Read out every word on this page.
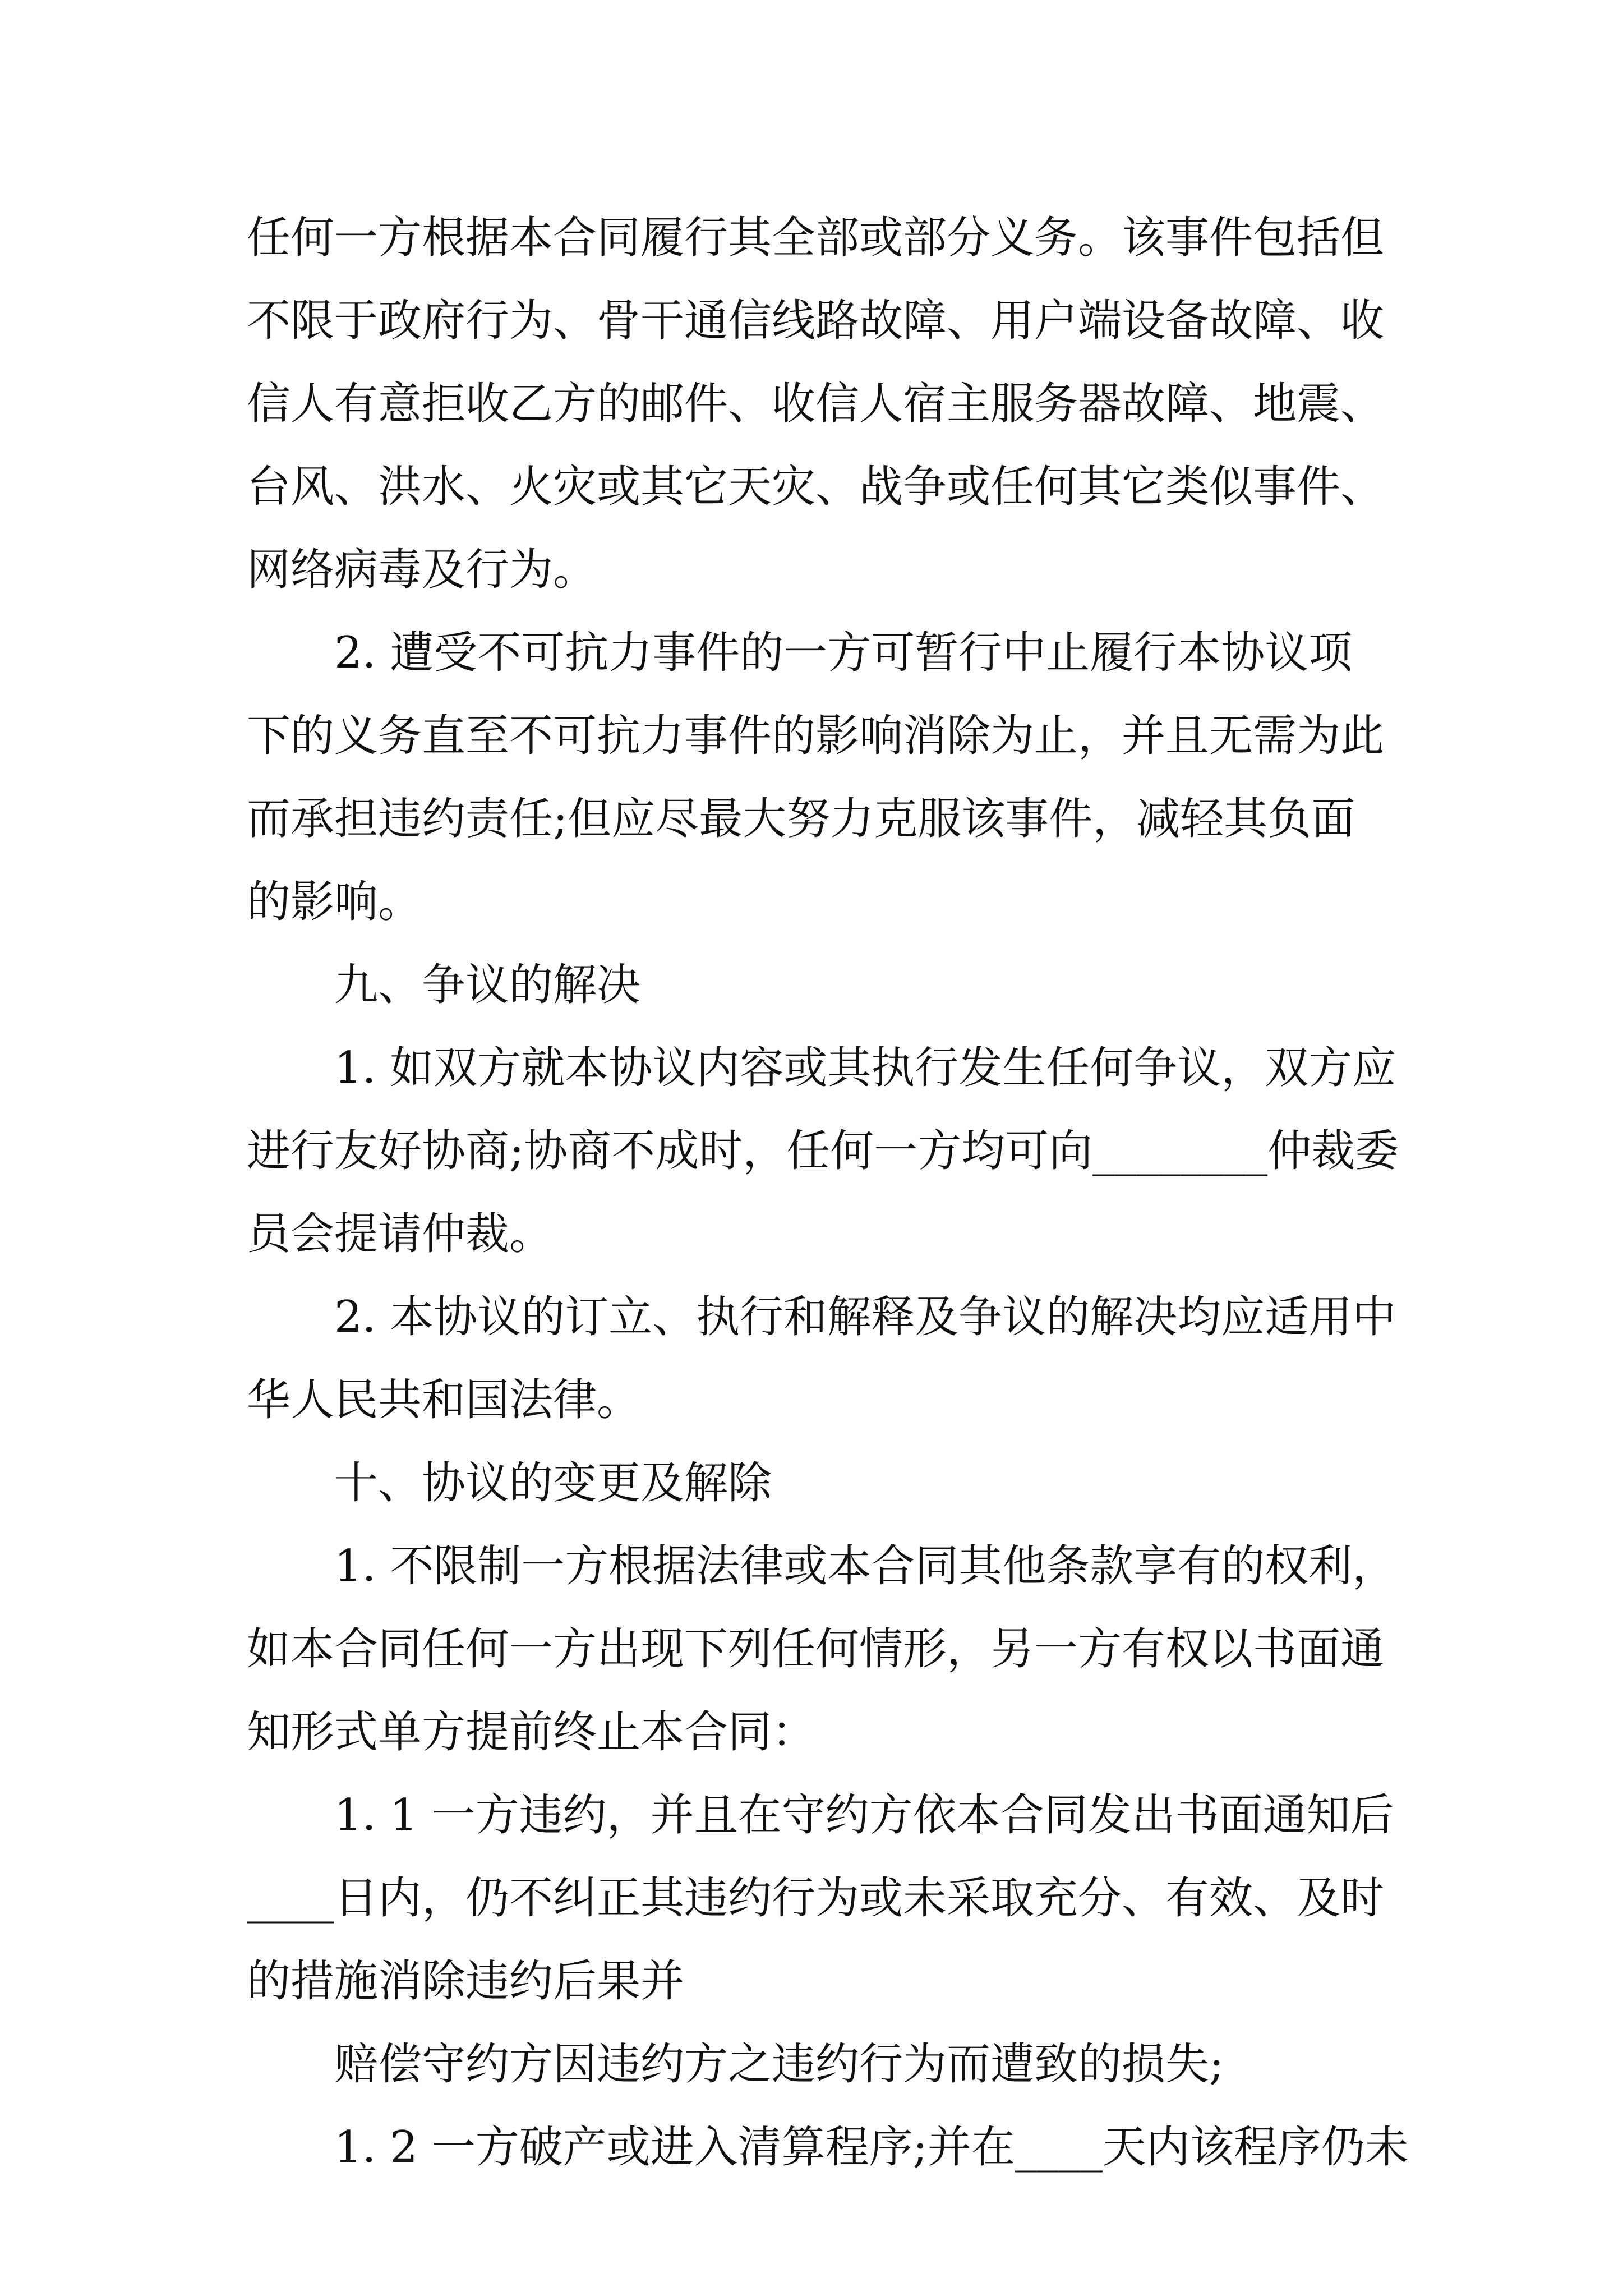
任何一方根据本合同履行其全部或部分义务。该事件包括但
不限于政府行为、骨干通信线路故障、用户端设备故障、收
信人有意拒收乙方的邮件、收信人宿主服务器故障、地震、
台风、洪水、火灾或其它天灾、战争或任何其它类似事件、
网络病毒及行为。
2. 遭受不可抗力事件的一方可暂行中止履行本协议项
下的义务直至不可抗力事件的影响消除为止，并且无需为此
而承担违约责任;但应尽最大努力克服该事件，减轻其负面
的影响。
九、争议的解决
1. 如双方就本协议内容或其执行发生任何争议，双方应
进行友好协商;协商不成时，任何一方均可向________仲裁委
员会提请仲裁。
2. 本协议的订立、执行和解释及争议的解决均应适用中
华人民共和国法律。
十、协议的变更及解除
1. 不限制一方根据法律或本合同其他条款享有的权利，
如本合同任何一方出现下列任何情形，另一方有权以书面通
知形式单方提前终止本合同：
1. 1 一方违约，并且在守约方依本合同发出书面通知后
____日内，仍不纠正其违约行为或未采取充分、有效、及时
的措施消除违约后果并
赔偿守约方因违约方之违约行为而遭致的损失;
1. 2 一方破产或进入清算程序;并在____天内该程序仍未
